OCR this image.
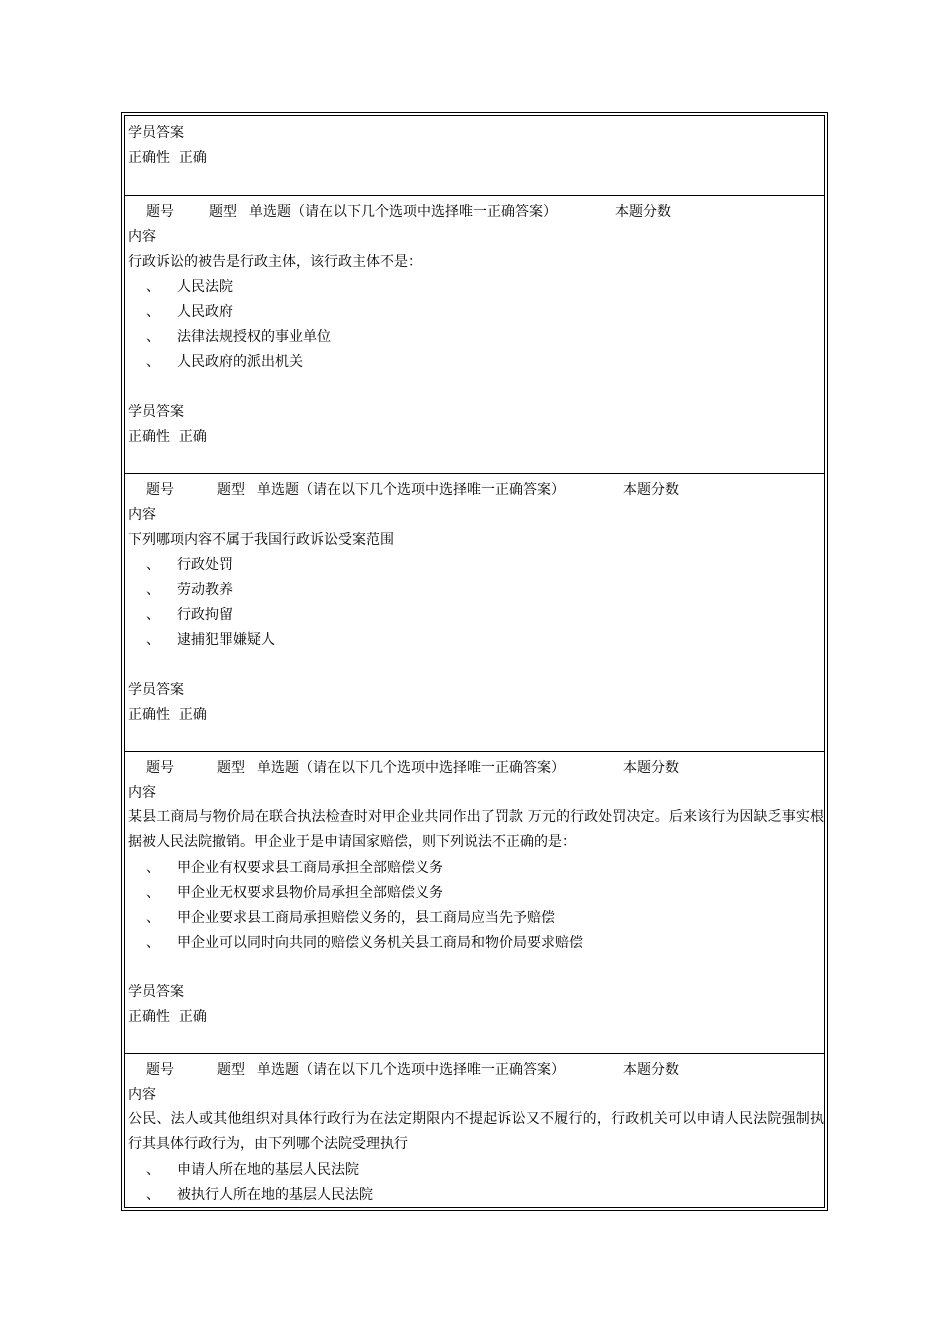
学员答案
正确性 正确
题号	题型 单选题（请在以下几个选项中选择唯一正确答案）	本题分数
内容
行政诉讼的被告是行政主体，该行政主体不是：
、 人民法院
、 人民政府
、 法律法规授权的事业单位
、 人民政府的派出机关
学员答案
正确性 正确
题号	题型 单选题（请在以下几个选项中选择唯一正确答案）	本题分数
内容
下列哪项内容不属于我国行政诉讼受案范围
、 行政处罚
、 劳动教养
、 行政拘留
、 逮捕犯罪嫌疑人
学员答案
正确性 正确
题号	题型 单选题（请在以下几个选项中选择唯一正确答案）	本题分数
内容
某县工商局与物价局在联合执法检查时对甲企业共同作出了罚款 万元的行政处罚决定。后来该行为因缺乏事实根据被人民法院撤销。甲企业于是申请国家赔偿，则下列说法不正确的是：
、 甲企业有权要求县工商局承担全部赔偿义务
、 甲企业无权要求县物价局承担全部赔偿义务
、 甲企业要求县工商局承担赔偿义务的，县工商局应当先予赔偿
、 甲企业可以同时向共同的赔偿义务机关县工商局和物价局要求赔偿
学员答案
正确性 正确
题号	题型 单选题（请在以下几个选项中选择唯一正确答案）	本题分数
内容
公民、法人或其他组织对具体行政行为在法定期限内不提起诉讼又不履行的，行政机关可以申请人民法院强制执行其具体行政行为，由下列哪个法院受理执行
、 申请人所在地的基层人民法院
、 被执行人所在地的基层人民法院
